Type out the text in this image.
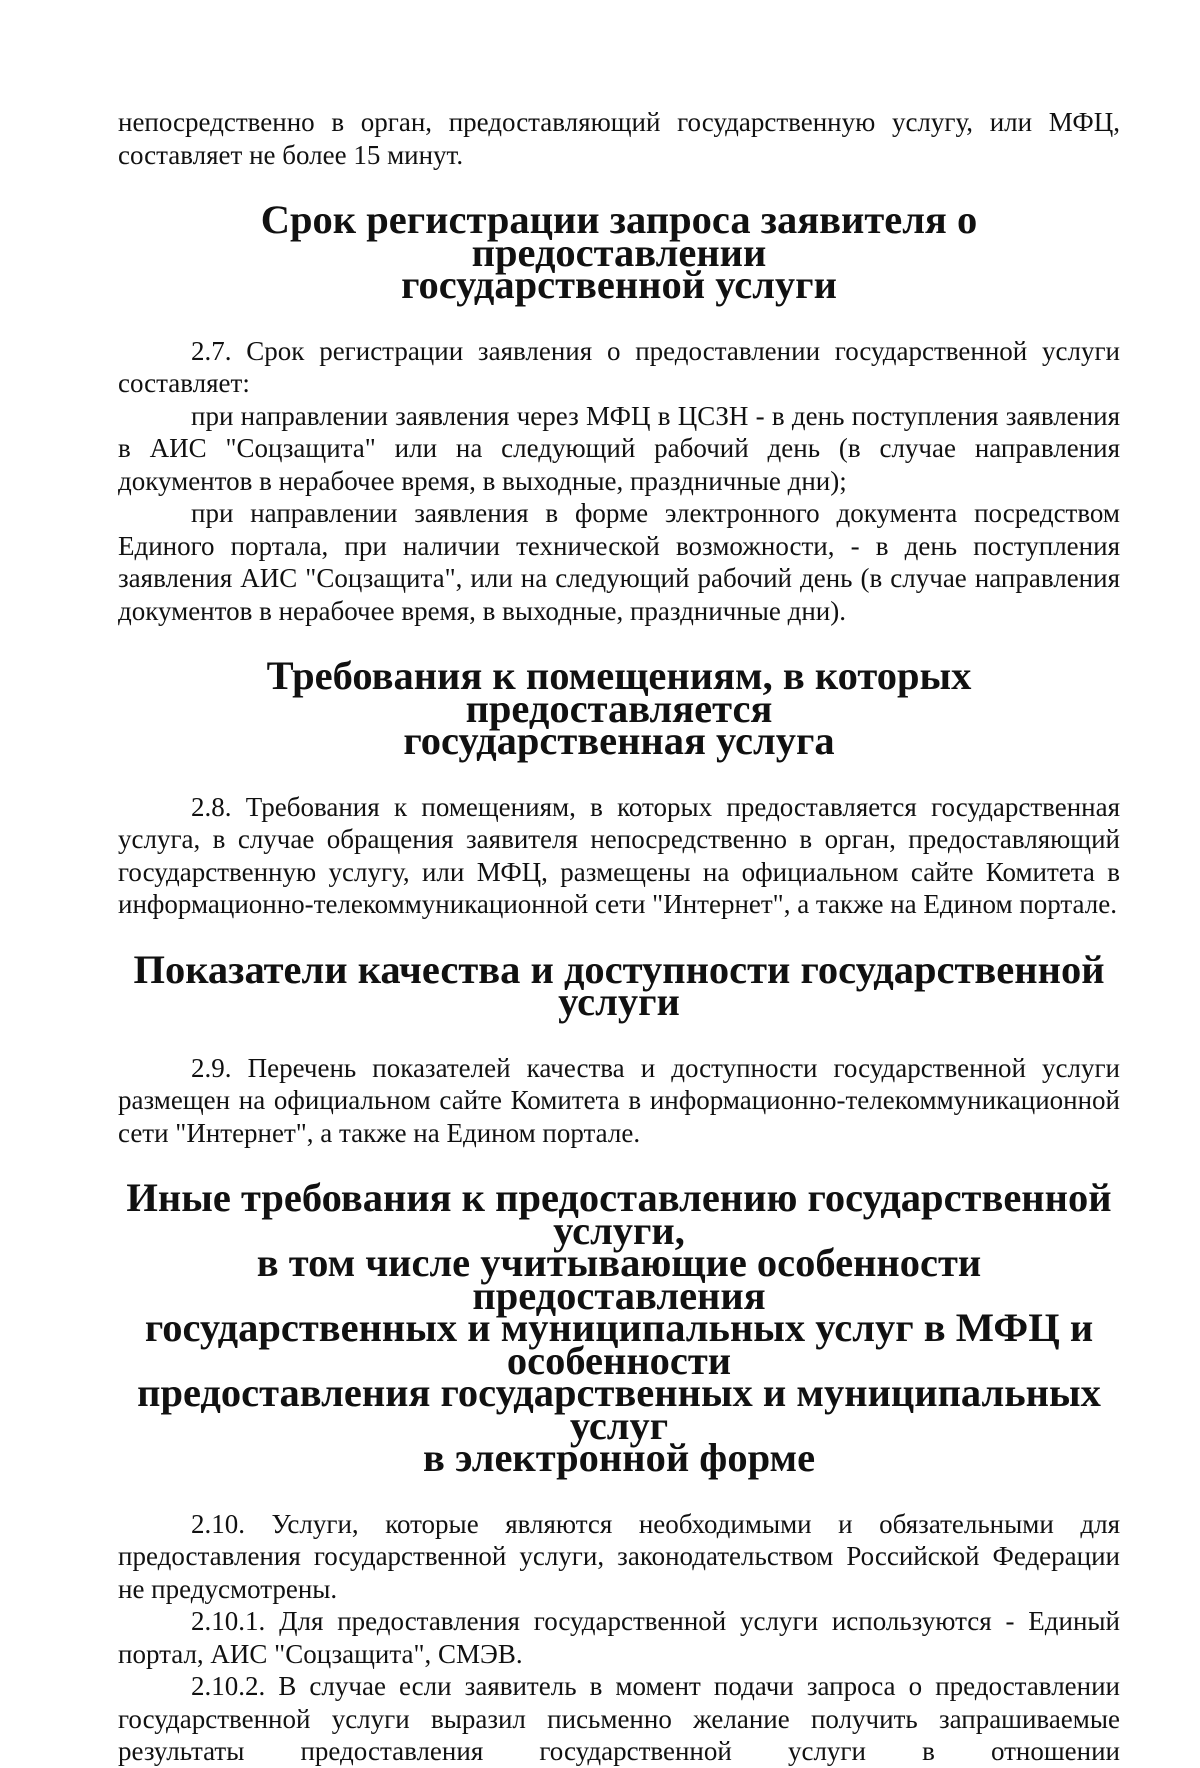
непосредственно в орган, предоставляющий государственную услугу, или МФЦ, составляет не более 15 минут.

Срок регистрации запроса заявителя о предоставлении
государственной услуги

2.7. Срок регистрации заявления о предоставлении государственной услуги составляет:

при направлении заявления через МФЦ в ЦСЗН - в день поступления заявления в АИС "Соцзащита" или на следующий рабочий день (в случае направления документов в нерабочее время, в выходные, праздничные дни);

при направлении заявления в форме электронного документа посредством Единого портала, при наличии технической возможности, - в день поступления заявления АИС "Соцзащита", или на следующий рабочий день (в случае направления документов в нерабочее время, в выходные, праздничные дни).

Требования к помещениям, в которых предоставляется
государственная услуга

2.8. Требования к помещениям, в которых предоставляется государственная услуга, в случае обращения заявителя непосредственно в орган, предоставляющий государственную услугу, или МФЦ, размещены на официальном сайте Комитета в информационно-телекоммуникационной сети "Интернет", а также на Едином портале.

Показатели качества и доступности государственной услуги

2.9. Перечень показателей качества и доступности государственной услуги размещен на официальном сайте Комитета в информационно-телекоммуникационной сети "Интернет", а также на Едином портале.

Иные требования к предоставлению государственной услуги,
в том числе учитывающие особенности предоставления
государственных и муниципальных услуг в МФЦ и особенности
предоставления государственных и муниципальных услуг
в электронной форме

2.10. Услуги, которые являются необходимыми и обязательными для предоставления государственной услуги, законодательством Российской Федерации не предусмотрены.

2.10.1. Для предоставления государственной услуги используются - Единый портал, АИС "Соцзащита", СМЭВ.

2.10.2. В случае если заявитель в момент подачи запроса о предоставлении государственной услуги выразил письменно желание получить запрашиваемые результаты предоставления государственной услуги в отношении
